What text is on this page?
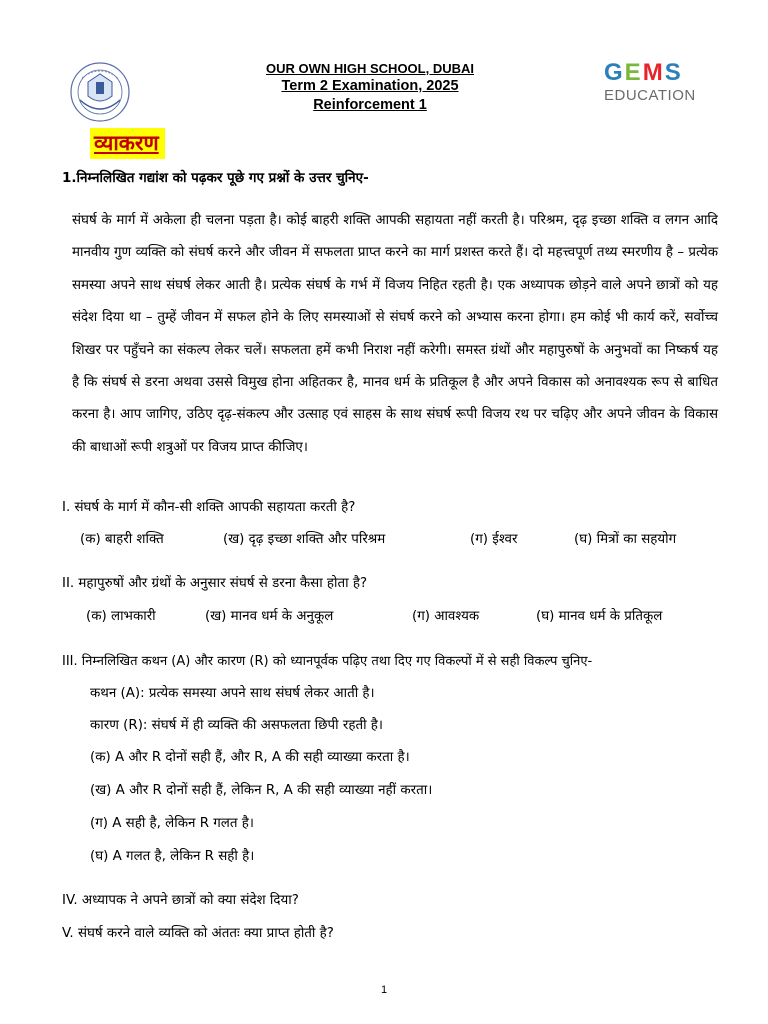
OUR OWN HIGH SCHOOL, DUBAI
Term 2 Examination, 2025
Reinforcement 1
G E M S
EDUCATION
व्याकरण
1.निम्नलिखित गद्यांश को पढ़कर पूछे गए प्रश्नों के उत्तर चुनिए-
संघर्ष के मार्ग में अकेला ही चलना पड़ता है। कोई बाहरी शक्ति आपकी सहायता नहीं करती है। परिश्रम, दृढ़ इच्छा शक्ति व लगन आदि मानवीय गुण व्यक्ति को संघर्ष करने और जीवन में सफलता प्राप्त करने का मार्ग प्रशस्त करते हैं। दो महत्त्वपूर्ण तथ्य स्मरणीय है – प्रत्येक समस्या अपने साथ संघर्ष लेकर आती है। प्रत्येक संघर्ष के गर्भ में विजय निहित रहती है। एक अध्यापक छोड़ने वाले अपने छात्रों को यह संदेश दिया था – तुम्हें जीवन में सफल होने के लिए समस्याओं से संघर्ष करने को अभ्यास करना होगा। हम कोई भी कार्य करें, सर्वोच्च शिखर पर पहुँचने का संकल्प लेकर चलें। सफलता हमें कभी निराश नहीं करेगी। समस्त ग्रंथों और महापुरुषों के अनुभवों का निष्कर्ष यह है कि संघर्ष से डरना अथवा उससे विमुख होना अहितकर है, मानव धर्म के प्रतिकूल है और अपने विकास को अनावश्यक रूप से बाधित करना है। आप जागिए, उठिए दृढ़-संकल्प और उत्साह एवं साहस के साथ संघर्ष रूपी विजय रथ पर चढ़िए और अपने जीवन के विकास की बाधाओं रूपी शत्रुओं पर विजय प्राप्त कीजिए।
I. संघर्ष के मार्ग में कौन-सी शक्ति आपकी सहायता करती है?
(क) बाहरी शक्ति	(ख) दृढ़ इच्छा शक्ति और परिश्रम	(ग) ईश्वर	(घ) मित्रों का सहयोग
II. महापुरुषों और ग्रंथों के अनुसार संघर्ष से डरना कैसा होता है?
(क) लाभकारी	(ख) मानव धर्म के अनुकूल	(ग) आवश्यक	(घ) मानव धर्म के प्रतिकूल
III. निम्नलिखित कथन (A) और कारण (R) को ध्यानपूर्वक पढ़िए तथा दिए गए विकल्पों में से सही विकल्प चुनिए-
कथन (A): प्रत्येक समस्या अपने साथ संघर्ष लेकर आती है।
कारण (R): संघर्ष में ही व्यक्ति की असफलता छिपी रहती है।
(क) A और R दोनों सही हैं, और R, A की सही व्याख्या करता है।
(ख) A और R दोनों सही हैं, लेकिन R, A की सही व्याख्या नहीं करता।
(ग) A सही है, लेकिन R गलत है।
(घ) A गलत है, लेकिन R सही है।
IV. अध्यापक ने अपने छात्रों को क्या संदेश दिया?
V. संघर्ष करने वाले व्यक्ति को अंततः क्या प्राप्त होती है?
1
